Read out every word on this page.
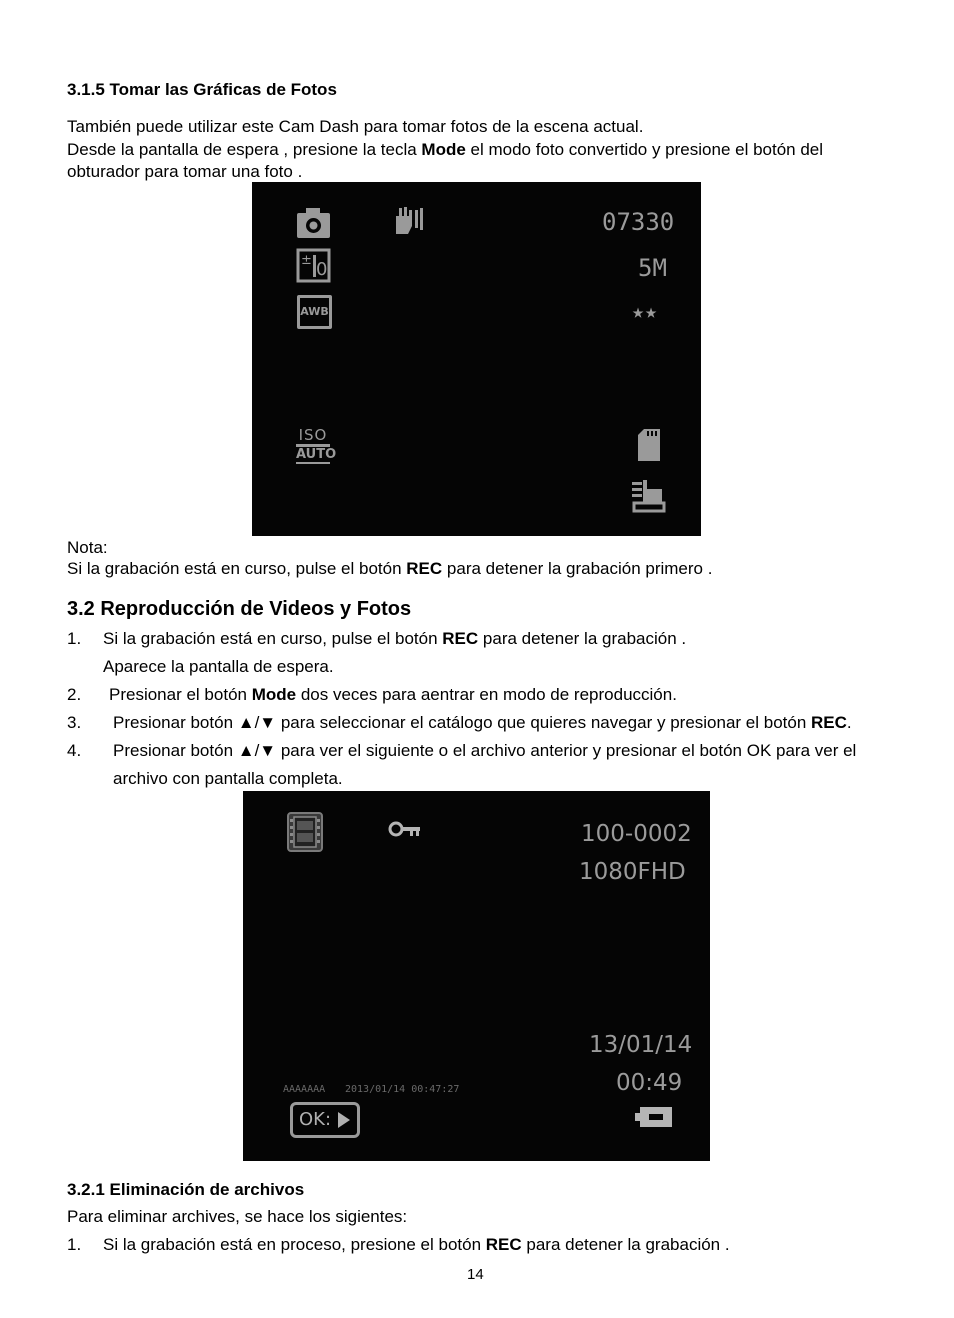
3.1.5 Tomar las Gráficas de Fotos
También puede utilizar este Cam Dash para tomar fotos de la escena actual.
Desde la pantalla de espera , presione la tecla Mode el modo foto convertido y presione el botón del
obturador para tomar una foto .
07330
± 0	5M
AWB	★★
ISO
AUTO
Nota:
Si la grabación está en curso, pulse el botón REC para detener la grabación primero .
3.2 Reproducción de Videos y Fotos
1. Si la grabación está en curso, pulse el botón REC para detener la grabación .
Aparece la pantalla de espera.
2. Presionar el botón Mode dos veces para aentrar en modo de reproducción.
3. Presionar botón ▲/▼ para seleccionar el catálogo que quieres navegar y presionar el botón REC.
4. Presionar botón ▲/▼ para ver el siguiente o el archivo anterior y presionar el botón OK para ver el
archivo con pantalla completa.
100-0002
1080FHD
13/01/14
00:49
AAAAAAA 2013/01/14 00:47:27
OK:
3.2.1 Eliminación de archivos
Para eliminar archives, se hace los sigientes:
1. Si la grabación está en proceso, presione el botón REC para detener la grabación .
14
